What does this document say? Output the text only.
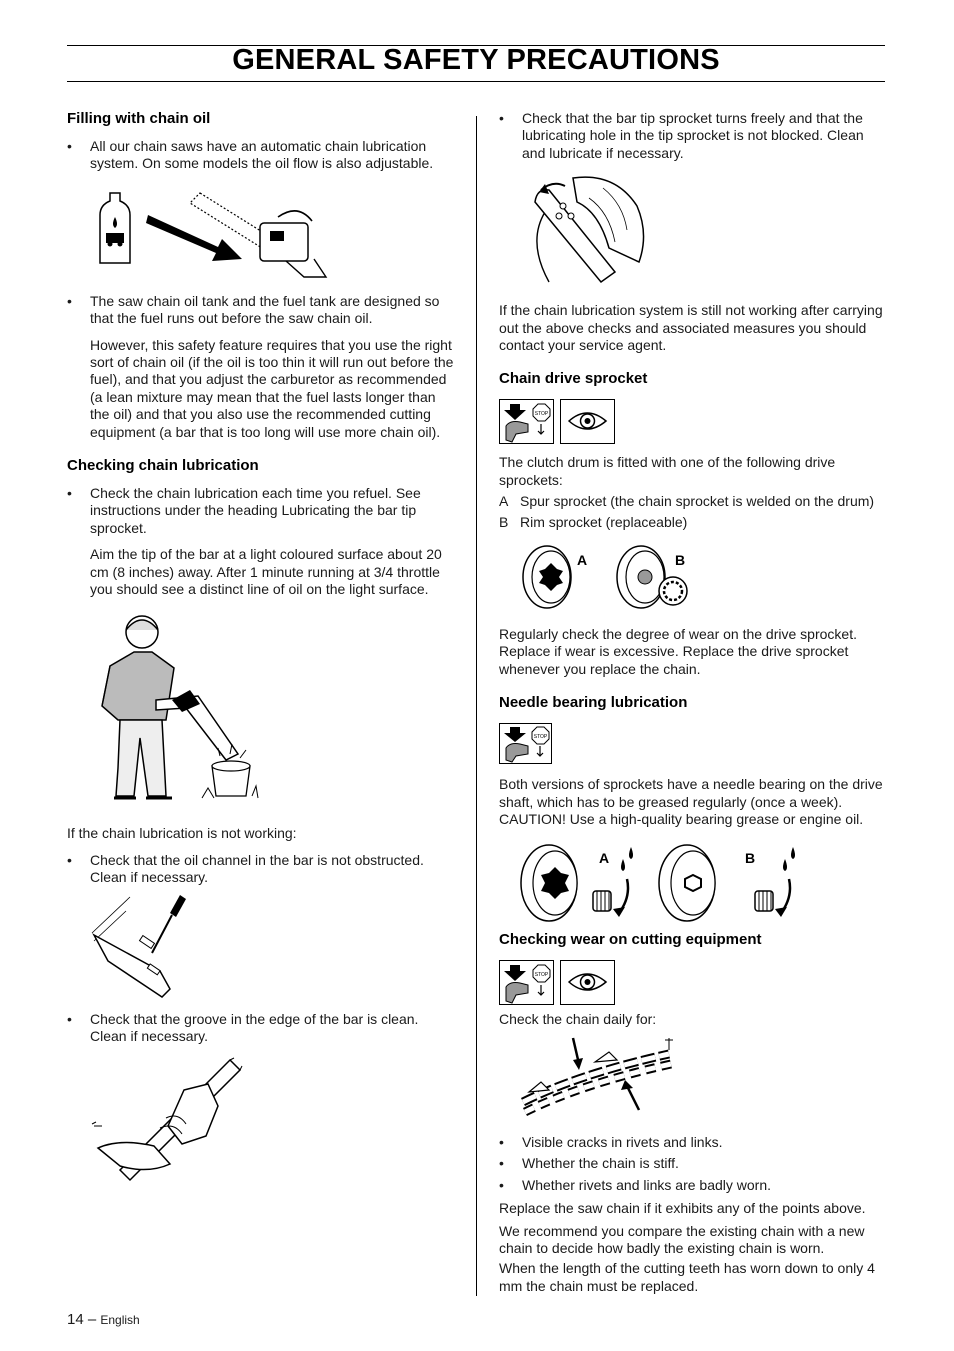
GENERAL SAFETY PRECAUTIONS
Filling with chain oil

• All our chain saws have an automatic chain lubrication system. On some models the oil flow is also adjustable.

• The saw chain oil tank and the fuel tank are designed so that the fuel runs out before the saw chain oil.

However, this safety feature requires that you use the right sort of chain oil (if the oil is too thin it will run out before the fuel), and that you adjust the carburetor as recommended (a lean mixture may mean that the fuel lasts longer than the oil) and that you also use the recommended cutting equipment (a bar that is too long will use more chain oil).

Checking chain lubrication

• Check the chain lubrication each time you refuel. See instructions under the heading Lubricating the bar tip sprocket.

Aim the tip of the bar at a light coloured surface about 20 cm (8 inches) away. After 1 minute running at 3/4 throttle you should see a distinct line of oil on the light surface.

If the chain lubrication is not working:

• Check that the oil channel in the bar is not obstructed. Clean if necessary.

• Check that the groove in the edge of the bar is clean. Clean if necessary.

• Check that the bar tip sprocket turns freely and that the lubricating hole in the tip sprocket is not blocked. Clean and lubricate if necessary.

If the chain lubrication system is still not working after carrying out the above checks and associated measures you should contact your service agent.

Chain drive sprocket
STOP

The clutch drum is fitted with one of the following drive sprockets:

A Spur sprocket (the chain sprocket is welded on the drum)

B Rim sprocket (replaceable)

A	B

Regularly check the degree of wear on the drive sprocket. Replace if wear is excessive. Replace the drive sprocket whenever you replace the chain.

Needle bearing lubrication
STOP

Both versions of sprockets have a needle bearing on the drive shaft, which has to be greased regularly (once a week). CAUTION! Use a high-quality bearing grease or engine oil.

A	B
Checking wear on cutting equipment
STOP

Check the chain daily for:

• Visible cracks in rivets and links.

• Whether the chain is stiff.

• Whether rivets and links are badly worn.

Replace the saw chain if it exhibits any of the points above.

We recommend you compare the existing chain with a new chain to decide how badly the existing chain is worn.

When the length of the cutting teeth has worn down to only 4 mm the chain must be replaced.

14 – English
